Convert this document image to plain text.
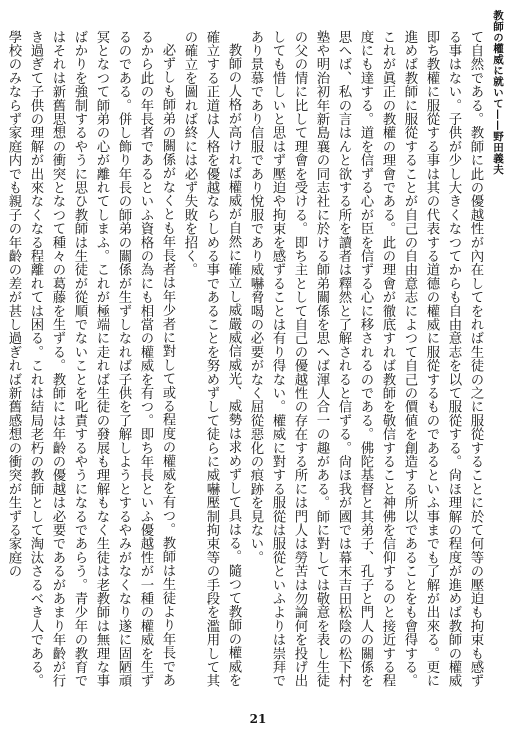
教師の權威に就いて——野田義夫

て自然である。教師に此の優越性が內在してをれば生徒の之に服從することに於て何等の壓迫も拘束も感ずる事はない。子供が少し大きくなつてからも自由意志を以て服從する。尙ほ理解の程度が進めば教師の權威即ち教權に服從する事は其の代表する道德の權威に服從するものであるといふ事までも了解が出來る。更に進めば教師に服從することが自己の自由意志によつて自己の價値を創造する所以であることをも會得する。これが眞正の教權の理會である。此の理會が徹底すれば教師を敬信すること神佛を信仰するのと接近する程度にも達する。道を信ずる心が臣を信ずる心に移されるのである。佛陀基督と其弟子、孔子と門人の關係を思へば、私の言はんと欲する所を讀者は釋然と了解されると信ずる。尙ほ我が國では幕末吉田松陰の松下村塾や明治初年新島襄の同志社に於ける師弟關係を思へば渾人合一の趣がある。師に對しては敬意を表し生徒の父の情に比して理會を受ける。即ち主として自己の優越性の存在する所には門人は勞苦は勿論何を投げ出しても惜しいと思はず壓迫や拘束を感ずることは有り得ない。權威に對する服從は服從といふよりは崇拜であり景慕であり信服であり悅服であり威嚇脅喝の必要がなく屈從惡化の痕跡を見ない。

教師の人格が高ければ權威が自然に確立し威嚴威信威光、威勢は求めずして具はる。隨つて教師の權威を確立する正道は人格を優越ならしめる事であることを努めずして徒らに威嚇壓制拘束等の手段を濫用して其の確立を圖れば終には必ず失敗を招く。

必ずしも師弟の關係がなくとも年長者は年少者に對して或る程度の權威を有つ。教師は生徒より年長であるから此の年長者であるといふ資格の為にも相當の權威を有つ。即ち年長といふ優越性が一種の權威を生ずるのである。併し飾り年長の師弟の關係が生ずしなれば子供を了解しようとするやみがなくなり遂に固陋頑冥となつて師弟の心が離れてしまふ。これが極端に走れば生徒の發展も理解もなく生徒は老教師は無理な事ばかりを強制するやうに思ひ教師は生徒が從順でないことを叱責するやうになるであらう。青少年の教育ではそれは新舊思想の衝突となつて種々の葛藤を生ずる。教師には年齡の優越は必要であるがあまり年齡が行き過ぎて子供の理解が出來なくなる程離れては困る。これは結局老朽の教師として淘汰さるべき人である。學校のみならず家庭内でも親子の年齡の差が甚し過ぎれば新舊感想の衝突が生ずる家庭の

21
